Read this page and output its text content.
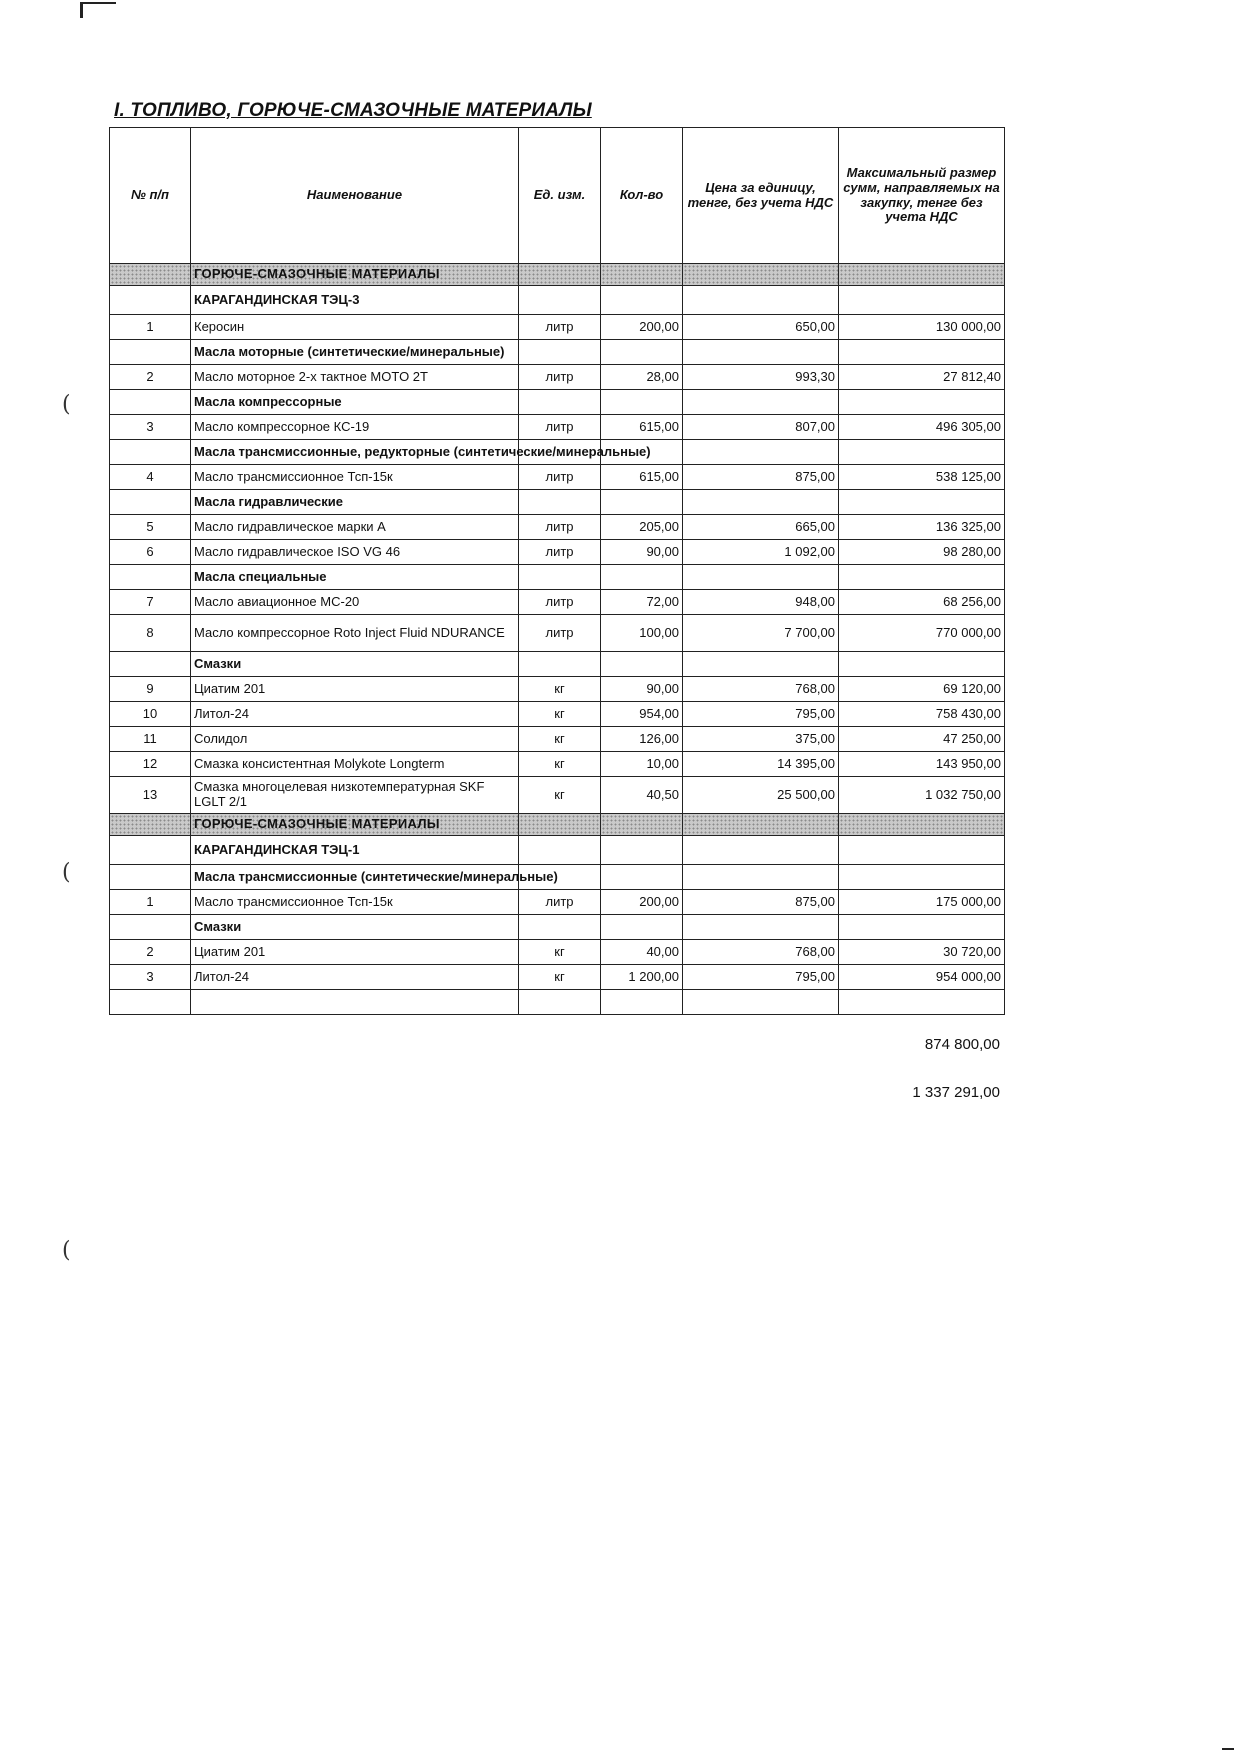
(
(
(
I. ТОПЛИВО, ГОРЮЧЕ-СМАЗОЧНЫЕ МАТЕРИАЛЫ
№ п/п	Наименование	Ед. изм.	Кол-во	Цена за единицу, тенге, без учета НДС	Максимальный размер сумм, направляемых на закупку, тенге без учета НДС
	ГОРЮЧЕ-СМАЗОЧНЫЕ МАТЕРИАЛЫ				
	КАРАГАНДИНСКАЯ ТЭЦ-3				
1	Керосин	литр	200,00	650,00	130 000,00
	Масла моторные (синтетические/минеральные)				
2	Масло моторное 2-х тактное MOTO 2T	литр	28,00	993,30	27 812,40
	Масла компрессорные				
3	Масло компрессорное КС-19	литр	615,00	807,00	496 305,00
	Масла трансмиссионные, редукторные (синтетические/минеральные)				
4	Масло трансмиссионное Тсп-15к	литр	615,00	875,00	538 125,00
	Масла гидравлические				
5	Масло гидравлическое марки А	литр	205,00	665,00	136 325,00
6	Масло гидравлическое ISO VG 46	литр	90,00	1 092,00	98 280,00
	Масла специальные				
7	Масло авиационное МС-20	литр	72,00	948,00	68 256,00
8	Масло компрессорное Roto Inject Fluid NDURANCE	литр	100,00	7 700,00	770 000,00
	Смазки				
9	Циатим 201	кг	90,00	768,00	69 120,00
10	Литол-24	кг	954,00	795,00	758 430,00
11	Солидол	кг	126,00	375,00	47 250,00
12	Смазка консистентная Molykote Longterm	кг	10,00	14 395,00	143 950,00
13	Смазка многоцелевая низкотемпературная SKF LGLT 2/1	кг	40,50	25 500,00	1 032 750,00
	ГОРЮЧЕ-СМАЗОЧНЫЕ МАТЕРИАЛЫ				
	КАРАГАНДИНСКАЯ ТЭЦ-1				
	Масла трансмиссионные (синтетические/минеральные)				
1	Масло трансмиссионное Тсп-15к	литр	200,00	875,00	175 000,00
	Смазки				
2	Циатим 201	кг	40,00	768,00	30 720,00
3	Литол-24	кг	1 200,00	795,00	954 000,00

874 800,00
1 337 291,00
